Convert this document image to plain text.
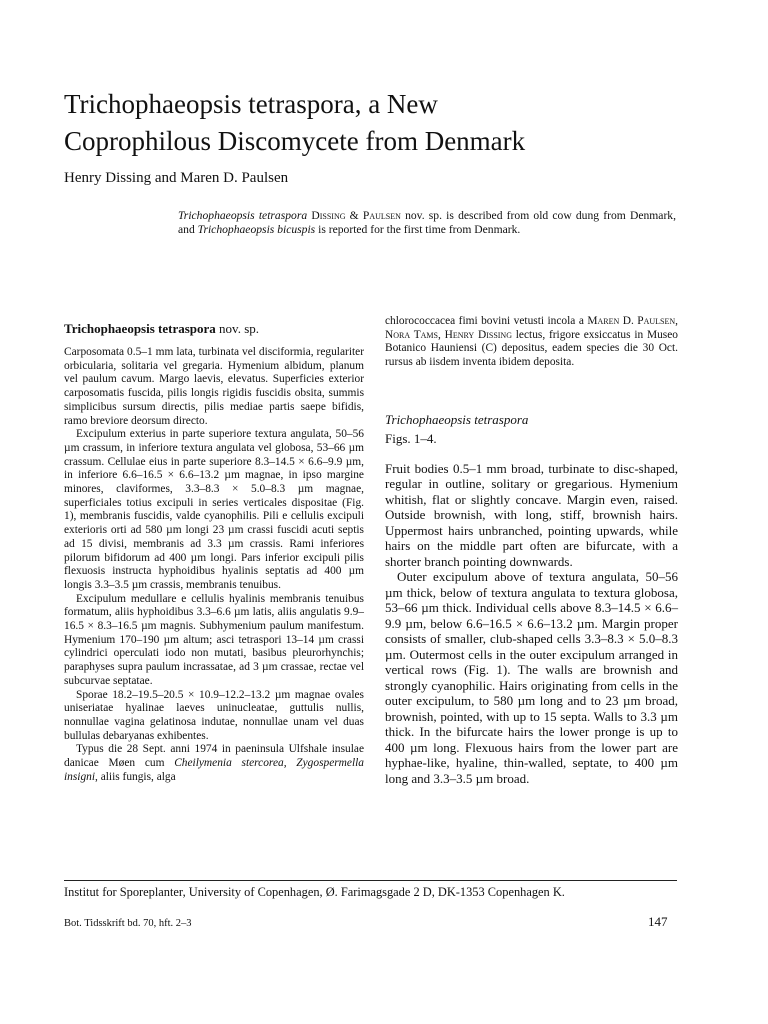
Trichophaeopsis tetraspora, a New
Coprophilous Discomycete from Denmark

Henry Dissing and Maren D. Paulsen

Trichophaeopsis tetraspora Dissing & Paulsen nov. sp. is described from old cow dung from Denmark, and Trichophaeopsis bicuspis is reported for the first time from Denmark.

Trichophaeopsis tetraspora nov. sp.

Carposomata 0.5–1 mm lata, turbinata vel disciformia, regulariter orbicularia, solitaria vel gregaria. Hymenium albidum, planum vel paulum cavum. Margo laevis, elevatus. Superficies exterior carposomatis fuscida, pilis longis rigidis fuscidis obsita, summis simplicibus sursum directis, pilis mediae partis saepe bifidis, ramo breviore deorsum directo.

Excipulum exterius in parte superiore textura angulata, 50–56 µm crassum, in inferiore textura angulata vel globosa, 53–66 µm crassum. Cellulae eius in parte superiore 8.3–14.5 × 6.6–9.9 µm, in inferiore 6.6–16.5 × 6.6–13.2 µm magnae, in ipso margine minores, claviformes, 3.3–8.3 × 5.0–8.3 µm magnae, superficiales totius excipuli in series verticales dispositae (Fig. 1), membranis fuscidis, valde cyanophilis. Pili e cellulis excipuli exterioris orti ad 580 µm longi 23 µm crassi fuscidi acuti septis ad 15 divisi, membranis ad 3.3 µm crassis. Rami inferiores pilorum bifidorum ad 400 µm longi. Pars inferior excipuli pilis flexuosis instructa hyphoidibus hyalinis septatis ad 400 µm longis 3.3–3.5 µm crassis, membranis tenuibus.

Excipulum medullare e cellulis hyalinis membranis tenuibus formatum, aliis hyphoidibus 3.3–6.6 µm latis, aliis angulatis 9.9–16.5 × 8.3–16.5 µm magnis. Subhymenium paulum manifestum. Hymenium 170–190 µm altum; asci tetraspori 13–14 µm crassi cylindrici operculati iodo non mutati, basibus pleurorhynchis; paraphyses supra paulum incrassatae, ad 3 µm crassae, rectae vel subcurvae septatae.

Sporae 18.2–19.5–20.5 × 10.9–12.2–13.2 µm magnae ovales uniseriatae hyalinae laeves uninucleatae, guttulis nullis, nonnullae vagina gelatinosa indutae, nonnullae unam vel duas bullulas debaryanas exhibentes.

Typus die 28 Sept. anni 1974 in paeninsula Ulfshale insulae danicae Møen cum Cheilymenia stercorea, Zygospermella insigni, aliis fungis, alga

chlorococcacea fimi bovini vetusti incola a Maren D. Paulsen, Nora Tams, Henry Dissing lectus, frigore exsiccatus in Museo Botanico Hauniensi (C) depositus, eadem species die 30 Oct. rursus ab iisdem inventa ibidem deposita.

Trichophaeopsis tetraspora

Figs. 1–4.

Fruit bodies 0.5–1 mm broad, turbinate to disc-shaped, regular in outline, solitary or gregarious. Hymenium whitish, flat or slightly concave. Margin even, raised. Outside brownish, with long, stiff, brownish hairs. Uppermost hairs unbranched, pointing upwards, while hairs on the middle part often are bifurcate, with a shorter branch pointing downwards.

Outer excipulum above of textura angulata, 50–56 µm thick, below of textura angulata to textura globosa, 53–66 µm thick. Individual cells above 8.3–14.5 × 6.6–9.9 µm, below 6.6–16.5 × 6.6–13.2 µm. Margin proper consists of smaller, club-shaped cells 3.3–8.3 × 5.0–8.3 µm. Outermost cells in the outer excipulum arranged in vertical rows (Fig. 1). The walls are brownish and strongly cyanophilic. Hairs originating from cells in the outer excipulum, to 580 µm long and to 23 µm broad, brownish, pointed, with up to 15 septa. Walls to 3.3 µm thick. In the bifurcate hairs the lower pronge is up to 400 µm long. Flexuous hairs from the lower part are hyphae-like, hyaline, thin-walled, septate, to 400 µm long and 3.3–3.5 µm broad.

Institut for Sporeplanter, University of Copenhagen, Ø. Farimagsgade 2 D, DK-1353 Copenhagen K.

Bot. Tidsskrift bd. 70, hft. 2–3	147
